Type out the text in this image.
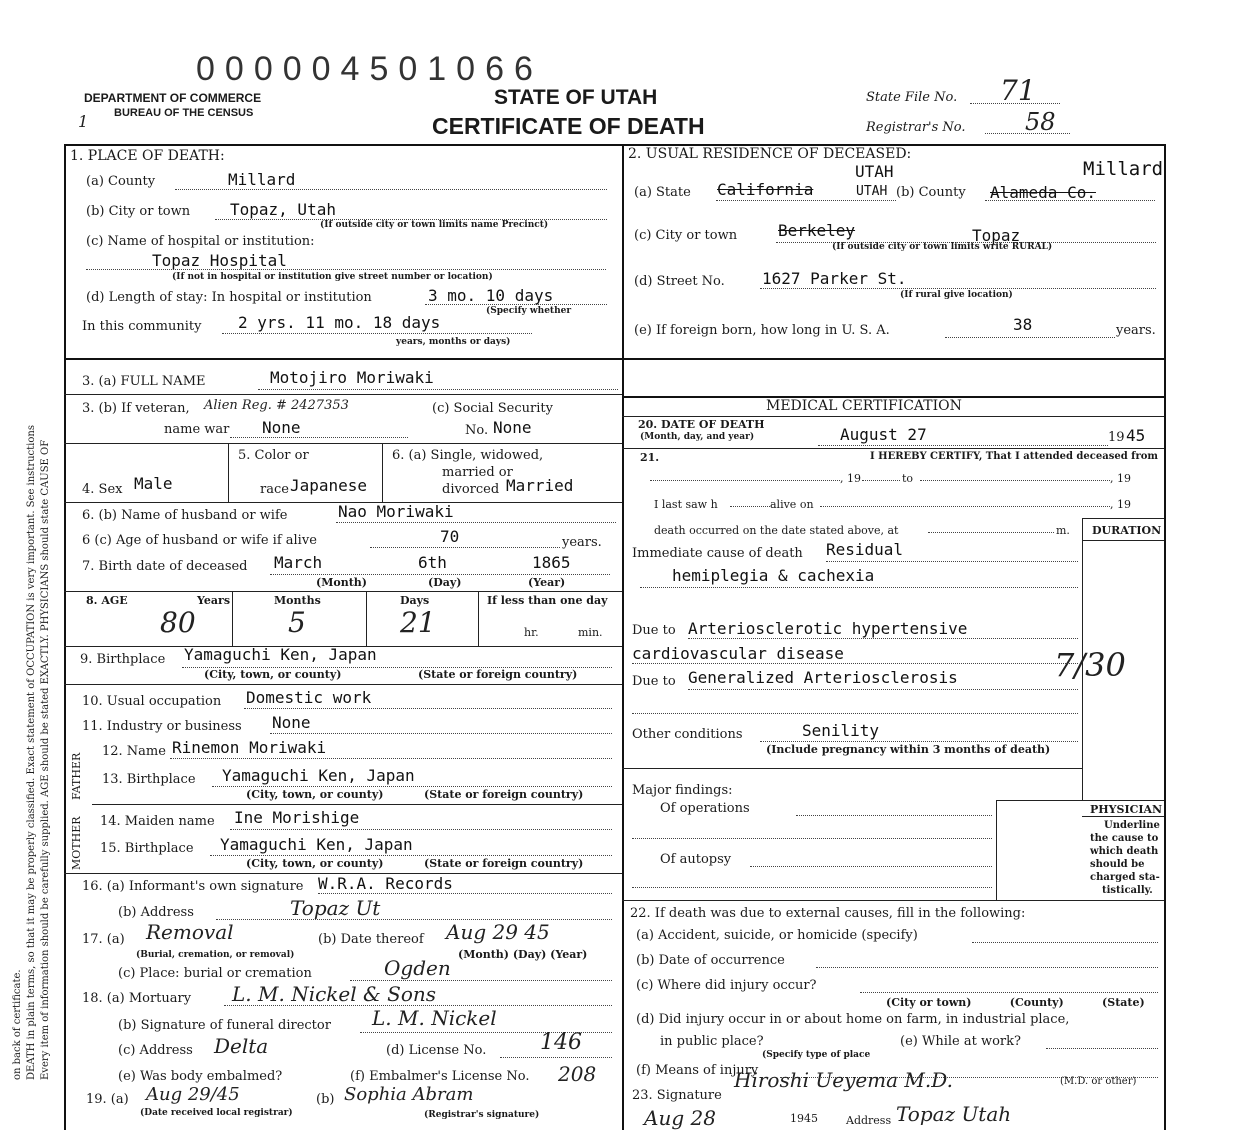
000004501066
DEPARTMENT OF COMMERCE
BUREAU OF THE CENSUS
1
STATE OF UTAH
CERTIFICATE OF DEATH
State File No. 71
Registrar's No. 58
Every item of information should be carefully supplied. AGE should be stated EXACTLY. PHYSICIANS should state CAUSE OF
DEATH in plain terms, so that it may be properly classified. Exact statement of OCCUPATION is very important. See instructions
on back of certificate.
1. PLACE OF DEATH:
(a) County	Millard
(b) City or town Topaz, Utah
(If outside city or town limits name Precinct)
(c) Name of hospital or institution:
Topaz Hospital
(If not in hospital or institution give street number or location)
(d) Length of stay: In hospital or institution	3 mo. 10 days
(Specify whether
In this community 2 yrs. 11 mo. 18 days
years, months or days)
2. USUAL RESIDENCE OF DECEASED:
UTAH	Millard
(a) State California	UTAH (b) County Alameda Co.
(c) City or town	Berkeley	Topaz
(If outside city or town limits write RURAL)
(d) Street No. 1627 Parker St.
(If rural give location)
(e) If foreign born, how long in U. S. A.	38	years.
3. (a) FULL NAME	Motojiro Moriwaki
3. (b) If veteran,
name war None
Alien Reg. # 2427353	(c) Social Security
No. None
4. Sex Male
5. Color or
race Japanese
6. (a) Single, widowed,
married or
divorced Married
6. (b) Name of husband or wife	Nao Moriwaki
6 (c) Age of husband or wife if alive	70	years.
7. Birth date of deceased March	6th	1865
(Month)	(Day)	(Year)
8. AGE	Years	Months	Days	If less than one day
80	5	21	hr.	min.
9. Birthplace Yamaguchi Ken, Japan
(City, town, or county)	(State or foreign country)
10. Usual occupation Domestic work
11. Industry or business None
FATHER
MOTHER
12. Name Rinemon Moriwaki
13. Birthplace Yamaguchi Ken, Japan
(City, town, or county)	(State or foreign country)
14. Maiden name Ine Morishige
15. Birthplace Yamaguchi Ken, Japan
(City, town, or county)	(State or foreign country)
16. (a) Informant's own signature W.R.A. Records
(b) Address	Topaz Ut
17. (a) Removal
(Burial, cremation, or removal)
(b) Date thereof Aug 29 45
(Month) (Day) (Year)
(c) Place: burial or cremation	Ogden
18. (a) Mortuary L. M. Nickel & Sons
(b) Signature of funeral director L. M. Nickel
(c) Address Delta	(d) License No. 146
(e) Was body embalmed?	(f) Embalmer's License No. 208
19. (a) Aug 29/45
(Date received local registrar)
(b) Sophia Abram
(Registrar's signature)
MEDICAL CERTIFICATION
20. DATE OF DEATH
(Month, day, and year)	August 27	19 45
21.	I HEREBY CERTIFY, That I attended deceased from
, 19	to	, 19
I last saw h	alive on	, 19
DURATION
death occurred on the date stated above, at	m.
Immediate cause of death Residual
hemiplegia & cachexia
Due to Arteriosclerotic hypertensive
cardiovascular disease
Due to Generalized Arteriosclerosis	7/30
Other conditions	Senility
(Include pregnancy within 3 months of death)
Major findings:
Of operations
Of autopsy
PHYSICIAN
Underline
the cause to
which death
should be
charged sta-
tistically.
22. If death was due to external causes, fill in the following:
(a) Accident, suicide, or homicide (specify)
(b) Date of occurrence
(c) Where did injury occur?
(City or town)          (County)          (State)
(d) Did injury occur in or about home on farm, in industrial place,
in public place?
(Specify type of place
(e) While at work?
(f) Means of injury
23. Signature
Hiroshi Ueyema M.D.	(M.D. or other)
Aug 28	1945	Address Topaz Utah
